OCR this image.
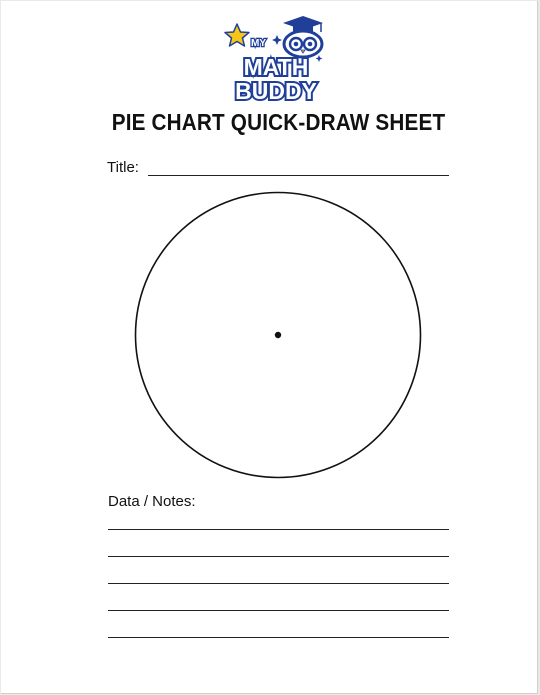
MY
MATH
BUDDY
PIE CHART QUICK-DRAW SHEET
Title:
Data / Notes:
